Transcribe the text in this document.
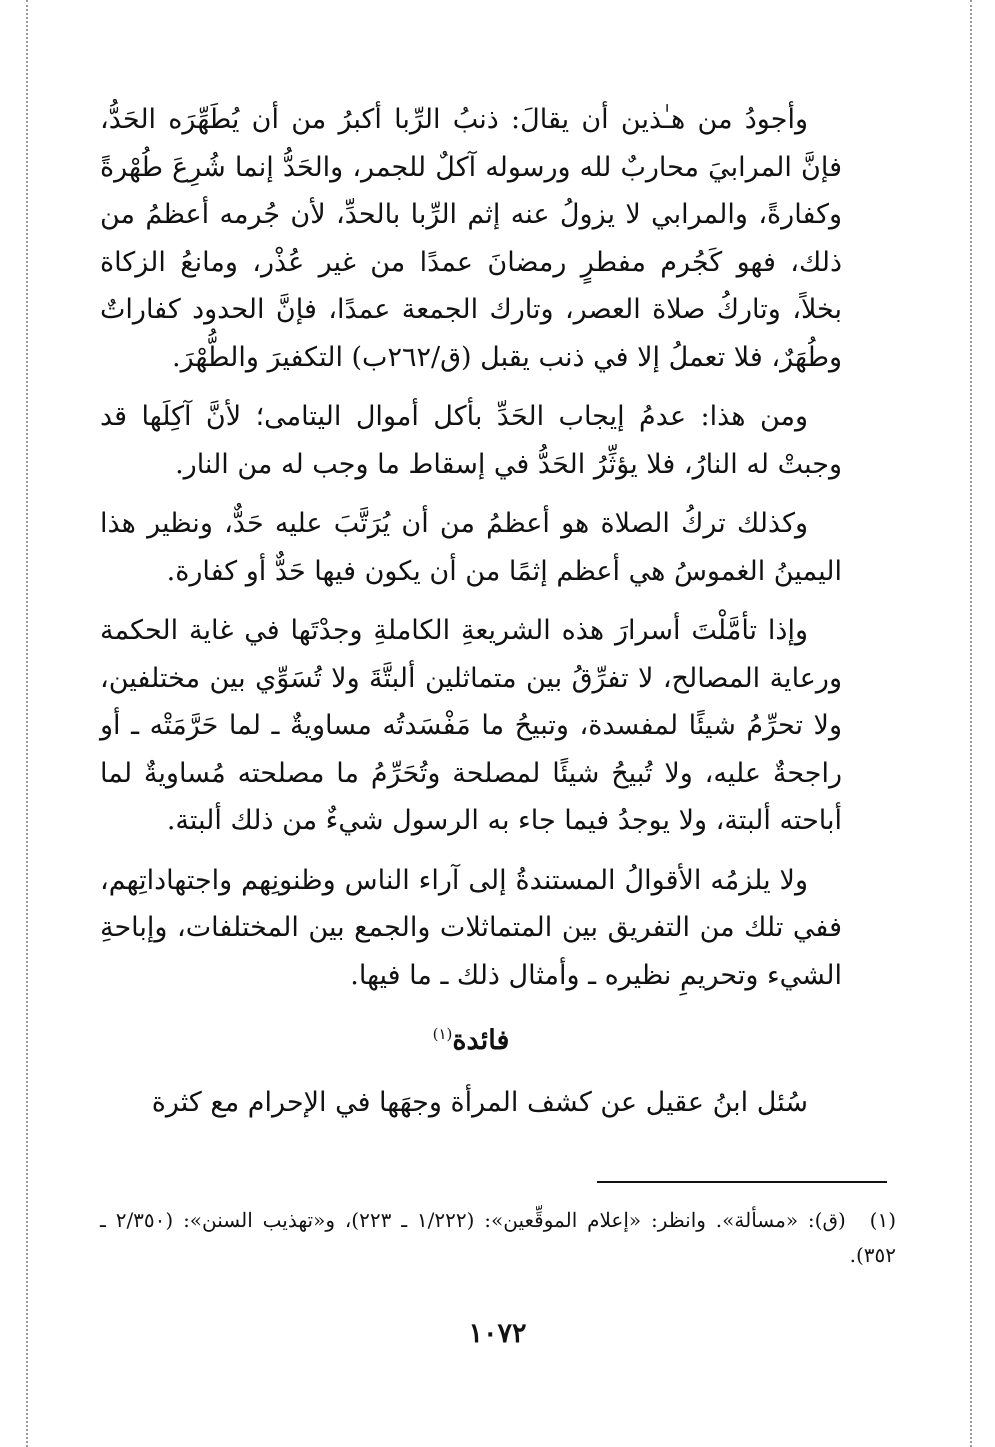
وأجودُ من هـٰذين أن يقالَ: ذنبُ الرِّبا أكبرُ من أن يُطَهِّرَه الحَدُّ، فإنَّ المرابيَ محاربٌ لله ورسوله آكلٌ للجمر، والحَدُّ إنما شُرِعَ طُهْرةً وكفارةً، والمرابي لا يزولُ عنه إثم الرِّبا بالحدِّ، لأن جُرمه أعظمُ من ذلك، فهو كَجُرم مفطرٍ رمضانَ عمدًا من غير عُذْر، ومانعُ الزكاة بخلاً، وتاركُ صلاة العصر، وتارك الجمعة عمدًا، فإنَّ الحدود كفاراتٌ وطُهَرٌ، فلا تعملُ إلا في ذنب يقبل (ق/٢٦٢ب) التكفيرَ والطُّهْرَ.

ومن هذا: عدمُ إيجاب الحَدِّ بأكل أموال اليتامى؛ لأنَّ آكِلَها قد وجبتْ له النارُ، فلا يؤثِّرُ الحَدُّ في إسقاط ما وجب له من النار.

وكذلك تركُ الصلاة هو أعظمُ من أن يُرَتَّبَ عليه حَدٌّ، ونظير هذا اليمينُ الغموسُ هي أعظم إثمًا من أن يكون فيها حَدٌّ أو كفارة.

وإذا تأمَّلْتَ أسرارَ هذه الشريعةِ الكاملةِ وجدْتَها في غاية الحكمة ورعاية المصالح، لا تفرِّقُ بين متماثلين ألبتَّةَ ولا تُسَوِّي بين مختلفين، ولا تحرِّمُ شيئًا لمفسدة، وتبيحُ ما مَفْسَدتُه مساويةٌ ـ لما حَرَّمَتْه ـ أو راجحةٌ عليه، ولا تُبيحُ شيئًا لمصلحة وتُحَرِّمُ ما مصلحته مُساويةٌ لما أباحته ألبتة، ولا يوجدُ فيما جاء به الرسول شيءٌ من ذلك ألبتة.

ولا يلزمُه الأقوالُ المستندةُ إلى آراء الناس وظنونِهم واجتهاداتِهم، ففي تلك من التفريق بين المتماثلات والجمع بين المختلفات، وإباحةِ الشيء وتحريمِ نظيره ـ وأمثال ذلك ـ ما فيها.

فائدة$^{(١)}$

سُئل ابنُ عقيل عن كشف المرأة وجهَها في الإحرام مع كثرة

(١) (ق): «مسألة». وانظر: «إعلام الموقِّعين»: (١/٢٢٢ ـ ٢٢٣)، و«تهذيب السنن»: (٢/٣٥٠ ـ ٣٥٢).
١٠٧٢
